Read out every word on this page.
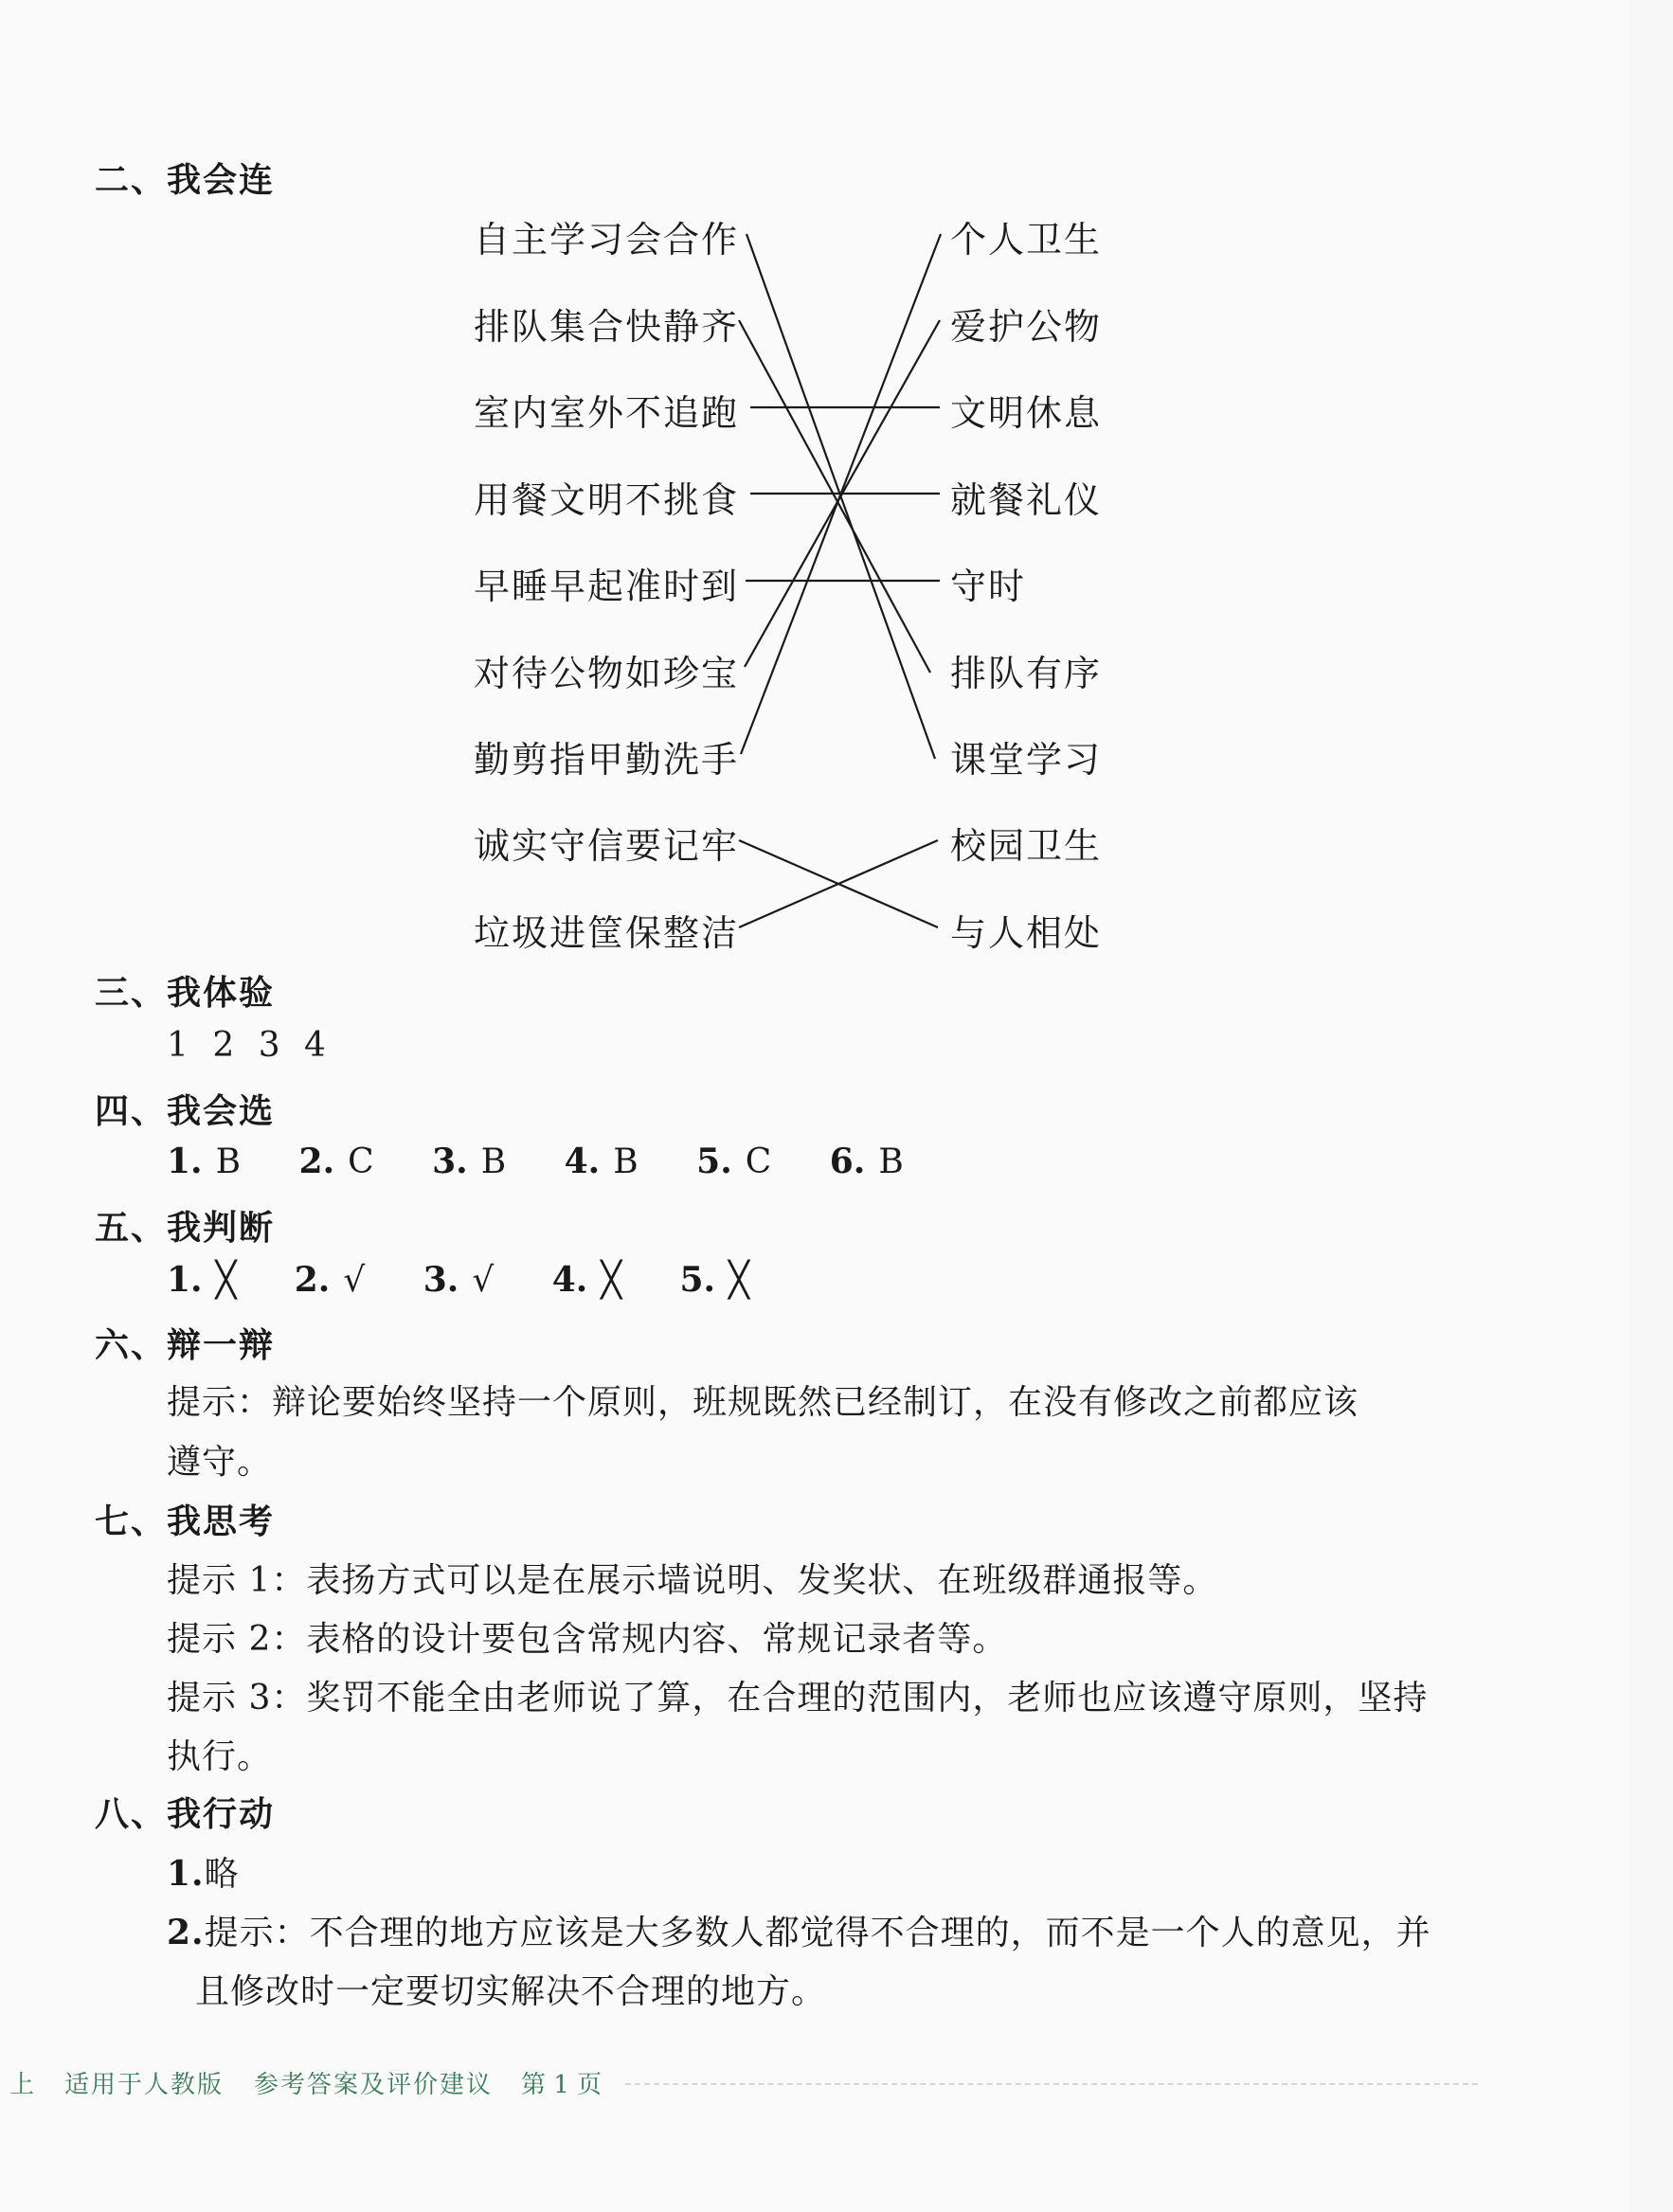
二、我会连
自主学习会合作
排队集合快静齐
室内室外不追跑
用餐文明不挑食
早睡早起准时到
对待公物如珍宝
勤剪指甲勤洗手
诚实守信要记牢
垃圾进筐保整洁
个人卫生
爱护公物
文明休息
就餐礼仪
守时
排队有序
课堂学习
校园卫生
与人相处
三、我体验
1 2 3 4
四、我会选
1. B 2. C 3. B 4. B 5. C 6. B
五、我判断
1. ╳ 2. √ 3. √ 4. ╳ 5. ╳
六、辩一辩
提示：辩论要始终坚持一个原则，班规既然已经制订，在没有修改之前都应该
遵守。
七、我思考
提示 1：表扬方式可以是在展示墙说明、发奖状、在班级群通报等。
提示 2：表格的设计要包含常规内容、常规记录者等。
提示 3：奖罚不能全由老师说了算，在合理的范围内，老师也应该遵守原则，坚持
执行。
八、我行动
1.略
2.提示：不合理的地方应该是大多数人都觉得不合理的，而不是一个人的意见，并
且修改时一定要切实解决不合理的地方。
上 适用于人教版 参考答案及评价建议 第 1 页
